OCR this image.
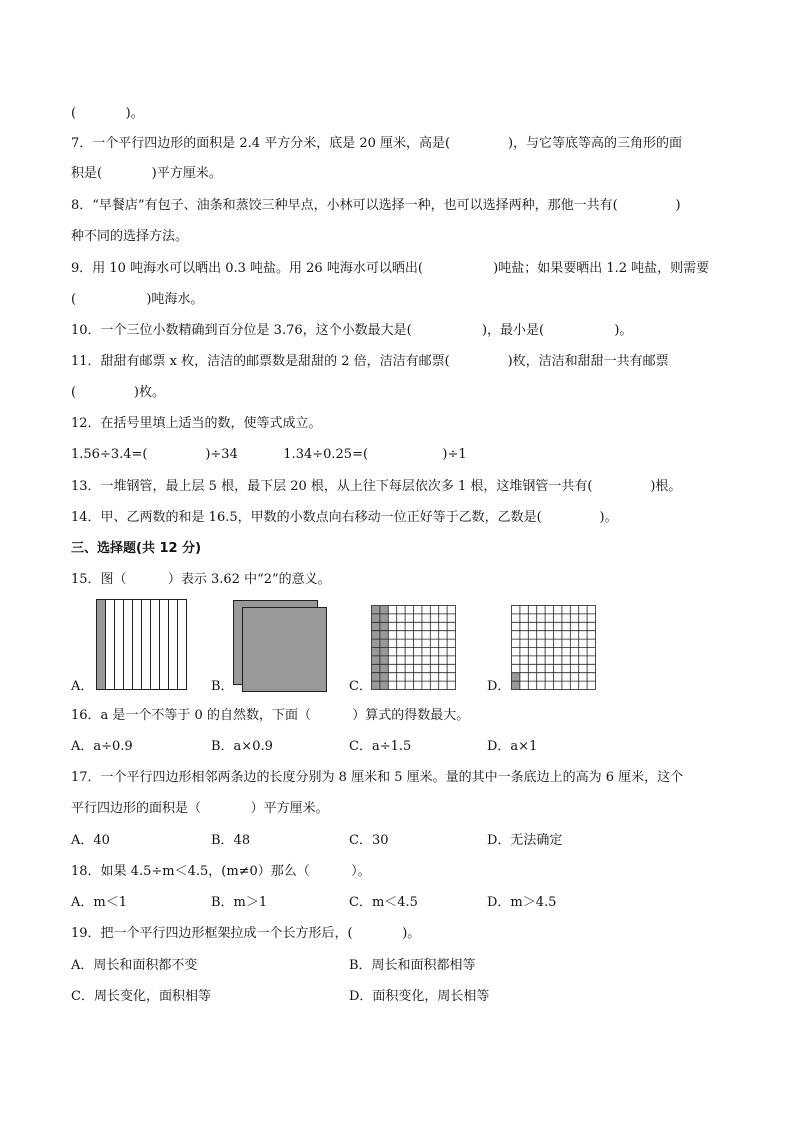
(            )。
7．一个平行四边形的面积是 2.4 平方分米，底是 20 厘米，高是(              )，与它等底等高的三角形的面
积是(            )平方厘米。
8．“早餐店”有包子、油条和蒸饺三种早点，小林可以选择一种，也可以选择两种，那他一共有(              )
种不同的选择方法。
9．用 10 吨海水可以晒出 0.3 吨盐。用 26 吨海水可以晒出(                 )吨盐；如果要晒出 1.2 吨盐，则需要
(                 )吨海水。
10．一个三位小数精确到百分位是 3.76，这个小数最大是(                 )，最小是(                 )。
11．甜甜有邮票 x 枚，洁洁的邮票数是甜甜的 2 倍，洁洁有邮票(              )枚，洁洁和甜甜一共有邮票
(              )枚。
12．在括号里填上适当的数，使等式成立。
1.56÷3.4=(              )÷34           1.34÷0.25=(                  )÷1
13．一堆钢管，最上层 5 根，最下层 20 根，从上往下每层依次多 1 根，这堆钢管一共有(              )根。
14．甲、乙两数的和是 16.5，甲数的小数点向右移动一位正好等于乙数，乙数是(              )。
三、选择题(共 12 分)
15．图（          ）表示 3.62 中“2”的意义。
A．	B．	C．	D．
16．a 是一个不等于 0 的自然数，下面（          ）算式的得数最大。
A．a÷0.9	B．a×0.9	C．a÷1.5	D．a×1
17．一个平行四边形相邻两条边的长度分别为 8 厘米和 5 厘米。量的其中一条底边上的高为 6 厘米，这个
平行四边形的面积是（            ）平方厘米。
A．40	B．48	C．30	D．无法确定
18．如果 4.5÷m＜4.5，(m≠0）那么（          ）。
A．m＜1	B．m＞1	C．m＜4.5	D．m＞4.5
19．把一个平行四边形框架拉成一个长方形后，(            )。
A．周长和面积都不变	B．周长和面积都相等
C．周长变化，面积相等	D．面积变化，周长相等
